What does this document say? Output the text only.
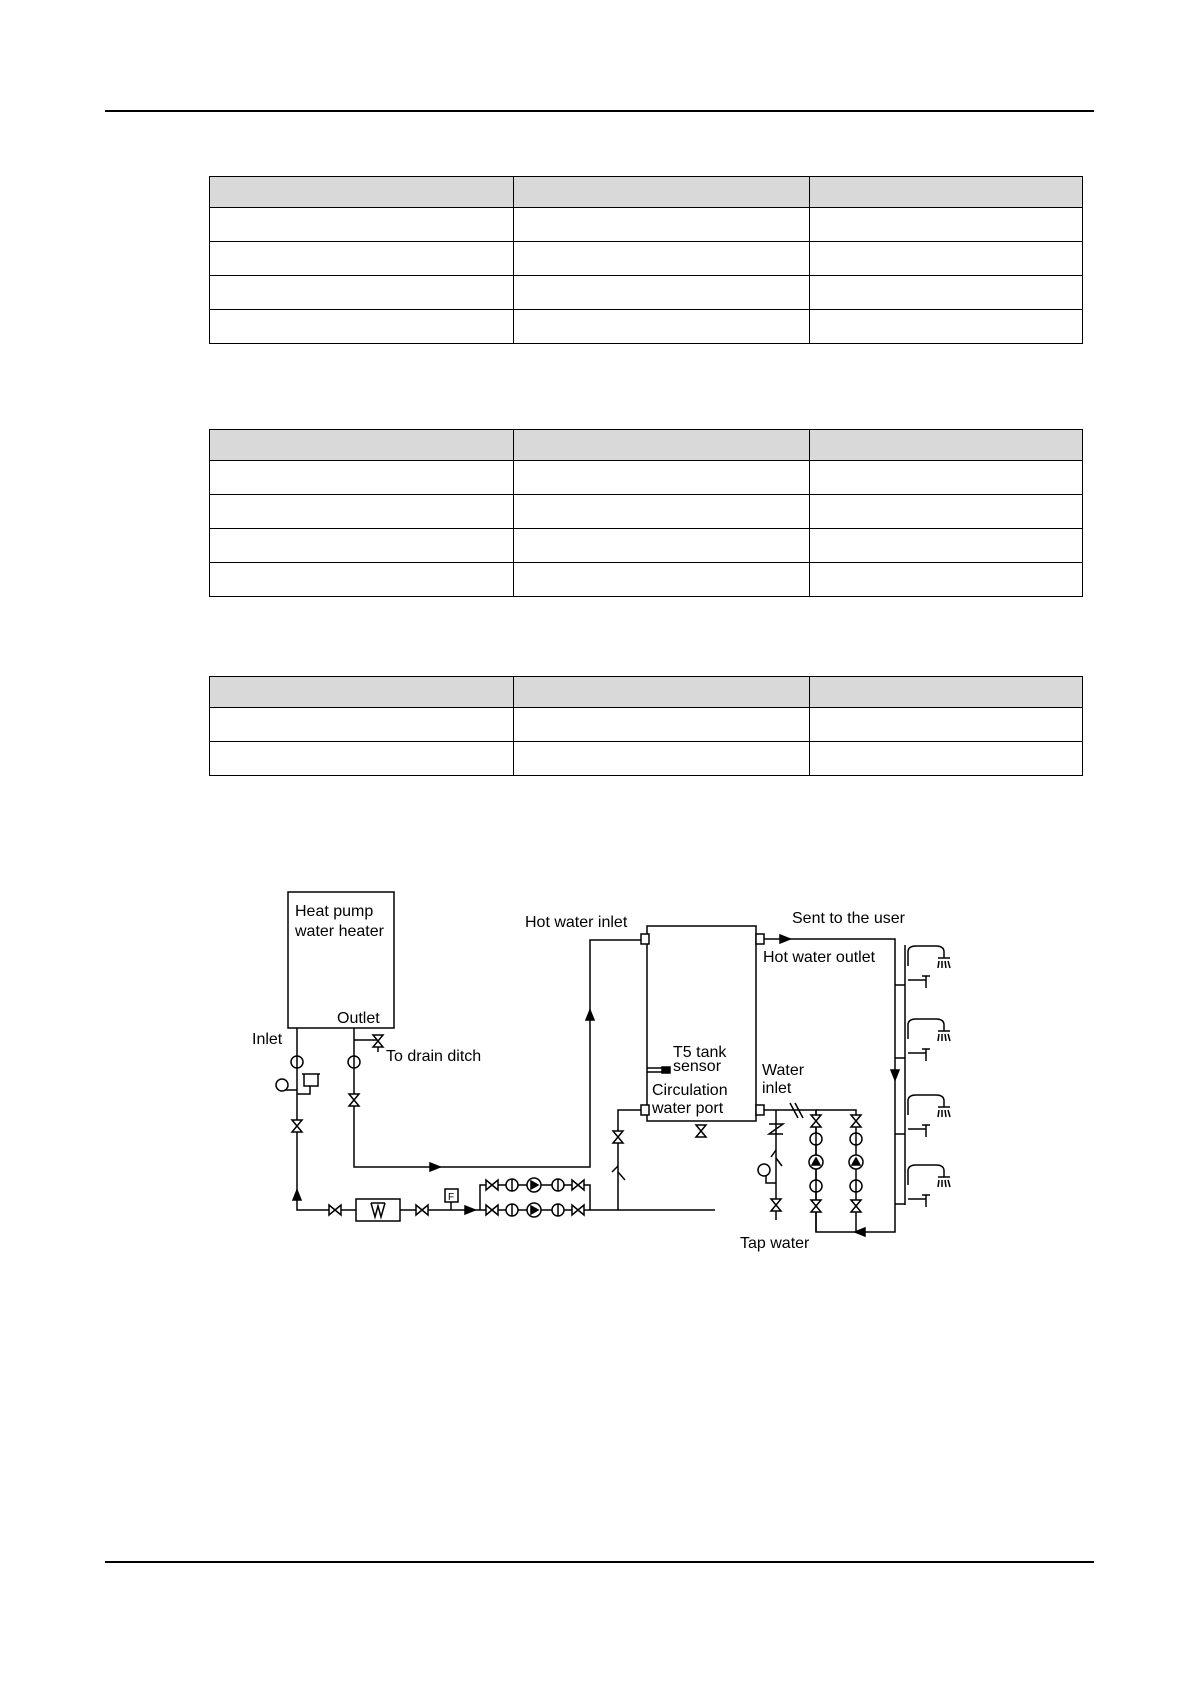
Heat pump
water heater
Outlet
Inlet
To drain ditch
F
Hot water inlet	Sent to the user
Hot water outlet
T5 tank
sensor
Circulation
water port
Water
inlet
Tap water
